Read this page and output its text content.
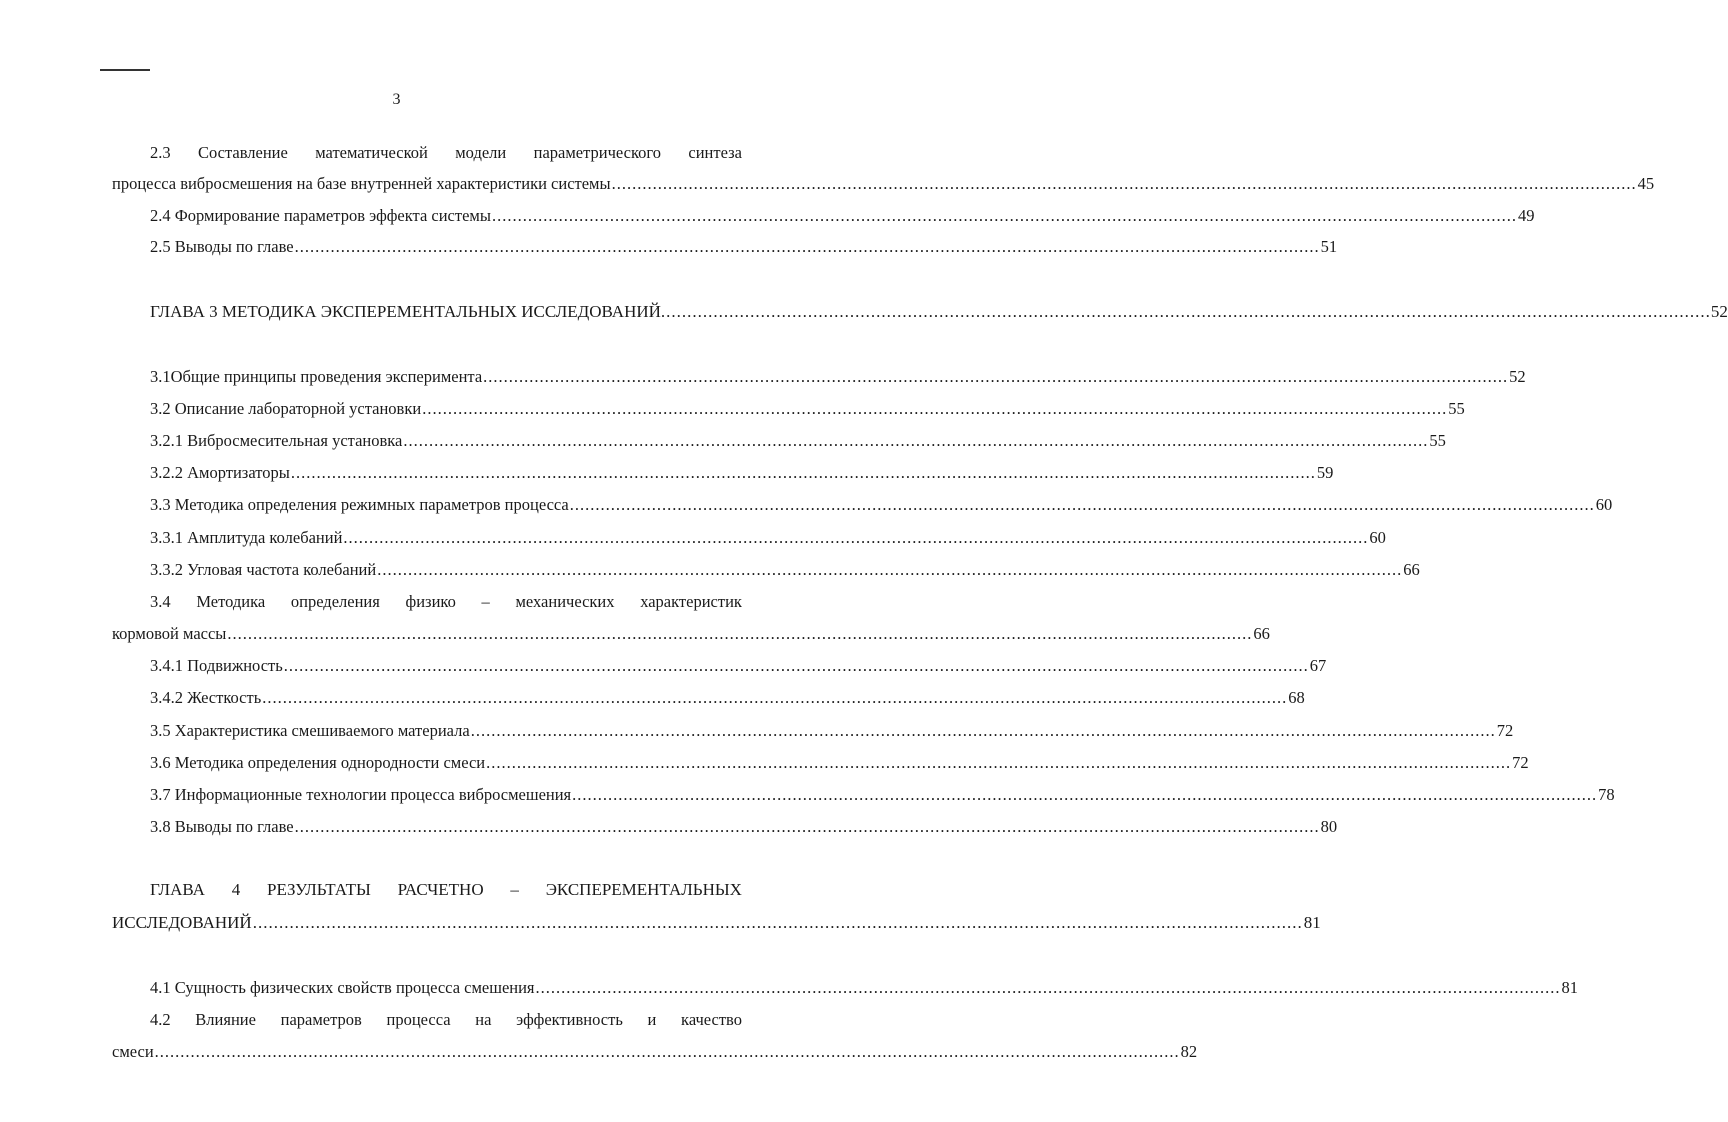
3
2.3 Составление математической модели параметрического синтеза
процесса вибросмешения на базе внутренней характеристики системы ........................................................................................................................................................................................................ 45
2.4 Формирование параметров эффекта системы ........................................................................................................................................................................................................ 49
2.5 Выводы по главе ........................................................................................................................................................................................................ 51
ГЛАВА 3 МЕТОДИКА ЭКСПЕРЕМЕНТАЛЬНЫХ ИССЛЕДОВАНИЙ ........................................................................................................................................................................................................ 52
3.1Общие принципы проведения эксперимента ........................................................................................................................................................................................................ 52
3.2 Описание лабораторной установки ........................................................................................................................................................................................................ 55
3.2.1 Вибросмесительная установка ........................................................................................................................................................................................................ 55
3.2.2 Амортизаторы ........................................................................................................................................................................................................ 59
3.3 Методика определения режимных параметров процесса ........................................................................................................................................................................................................ 60
3.3.1 Амплитуда колебаний ........................................................................................................................................................................................................ 60
3.3.2 Угловая частота колебаний ........................................................................................................................................................................................................ 66
3.4 Методика определения физико – механических характеристик
кормовой массы ........................................................................................................................................................................................................ 66
3.4.1 Подвижность ........................................................................................................................................................................................................ 67
3.4.2 Жесткость ........................................................................................................................................................................................................ 68
3.5 Характеристика смешиваемого материала ........................................................................................................................................................................................................ 72
3.6 Методика определения однородности смеси ........................................................................................................................................................................................................ 72
3.7 Информационные технологии процесса вибросмешения ........................................................................................................................................................................................................ 78
3.8 Выводы по главе ........................................................................................................................................................................................................ 80
ГЛАВА 4 РЕЗУЛЬТАТЫ РАСЧЕТНО – ЭКСПЕРЕМЕНТАЛЬНЫХ
ИССЛЕДОВАНИЙ ........................................................................................................................................................................................................ 81
4.1 Сущность физических свойств процесса смешения ........................................................................................................................................................................................................ 81
4.2 Влияние параметров процесса на эффективность и качество
смеси ........................................................................................................................................................................................................ 82
